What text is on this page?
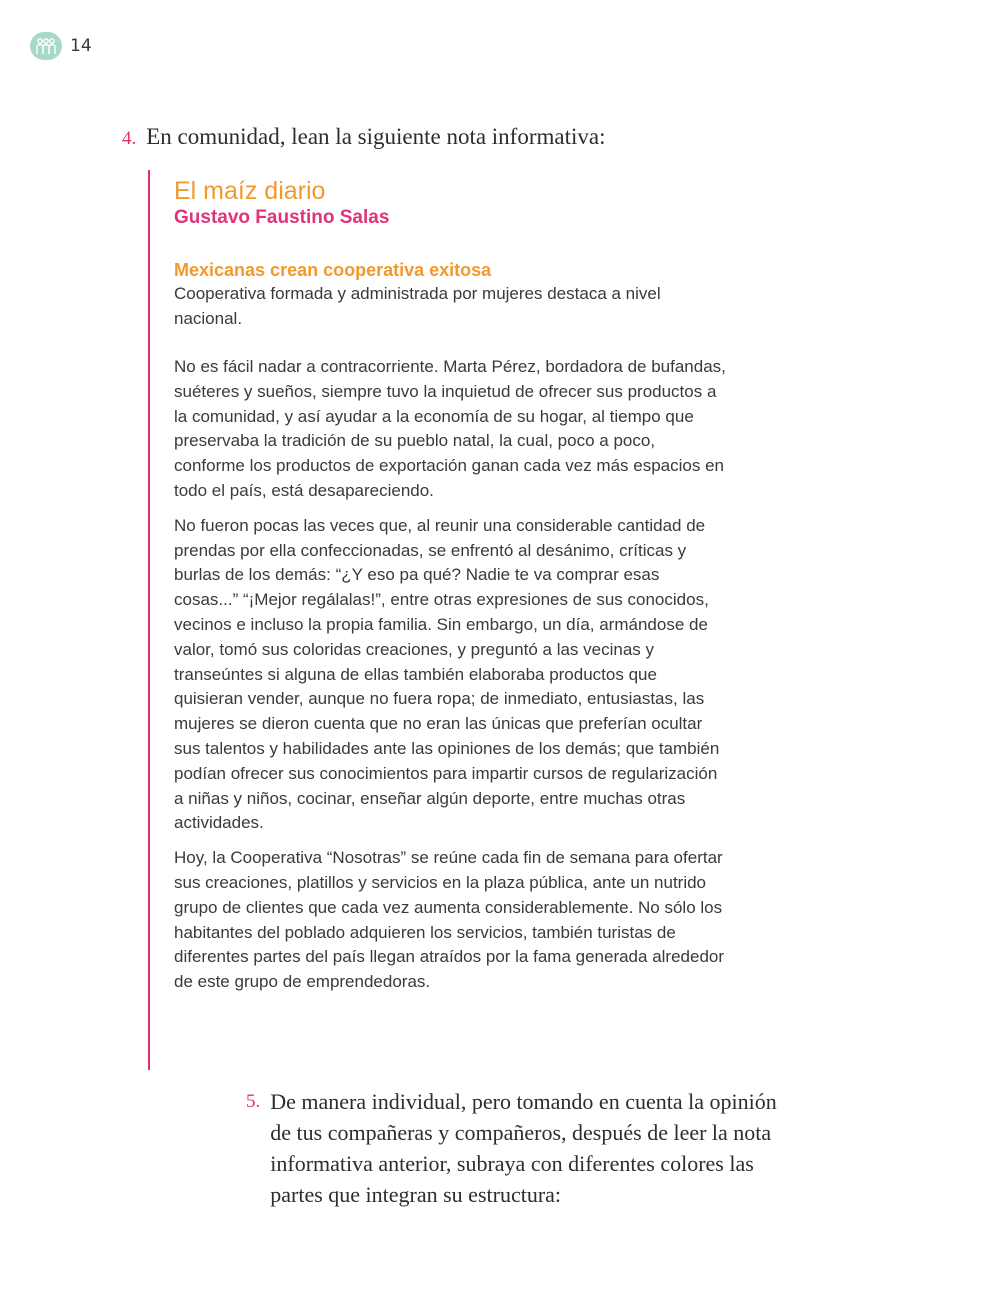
14
4. En comunidad, lean la siguiente nota informativa:
El maíz diario
Gustavo Faustino Salas
Mexicanas crean cooperativa exitosa
Cooperativa formada y administrada por mujeres destaca a nivel nacional.
No es fácil nadar a contracorriente. Marta Pérez, bordadora de bufandas, suéteres y sueños, siempre tuvo la inquietud de ofrecer sus productos a la comunidad, y así ayudar a la economía de su hogar, al tiempo que preservaba la tradición de su pueblo natal, la cual, poco a poco, conforme los productos de exportación ganan cada vez más espacios en todo el país, está desapareciendo.
No fueron pocas las veces que, al reunir una considerable cantidad de prendas por ella confeccionadas, se enfrentó al desánimo, críticas y burlas de los demás: “¿Y eso pa qué? Nadie te va comprar esas cosas...” “¡Mejor regálalas!”, entre otras expresiones de sus conocidos, vecinos e incluso la propia familia. Sin embargo, un día, armándose de valor, tomó sus coloridas creaciones, y preguntó a las vecinas y transeúntes si alguna de ellas también elaboraba productos que quisieran vender, aunque no fuera ropa; de inmediato, entusiastas, las mujeres se dieron cuenta que no eran las únicas que preferían ocultar sus talentos y habilidades ante las opiniones de los demás; que también podían ofrecer sus conocimientos para impartir cursos de regularización a niñas y niños, cocinar, enseñar algún deporte, entre muchas otras actividades.
Hoy, la Cooperativa “Nosotras” se reúne cada fin de semana para ofertar sus creaciones, platillos y servicios en la plaza pública, ante un nutrido grupo de clientes que cada vez aumenta considerablemente. No sólo los habitantes del poblado adquieren los servicios, también turistas de diferentes partes del país llegan atraídos por la fama generada alrededor de este grupo de emprendedoras.
5. De manera individual, pero tomando en cuenta la opinión de tus compañeras y compañeros, después de leer la nota informativa anterior, subraya con diferentes colores las partes que integran su estructura:
